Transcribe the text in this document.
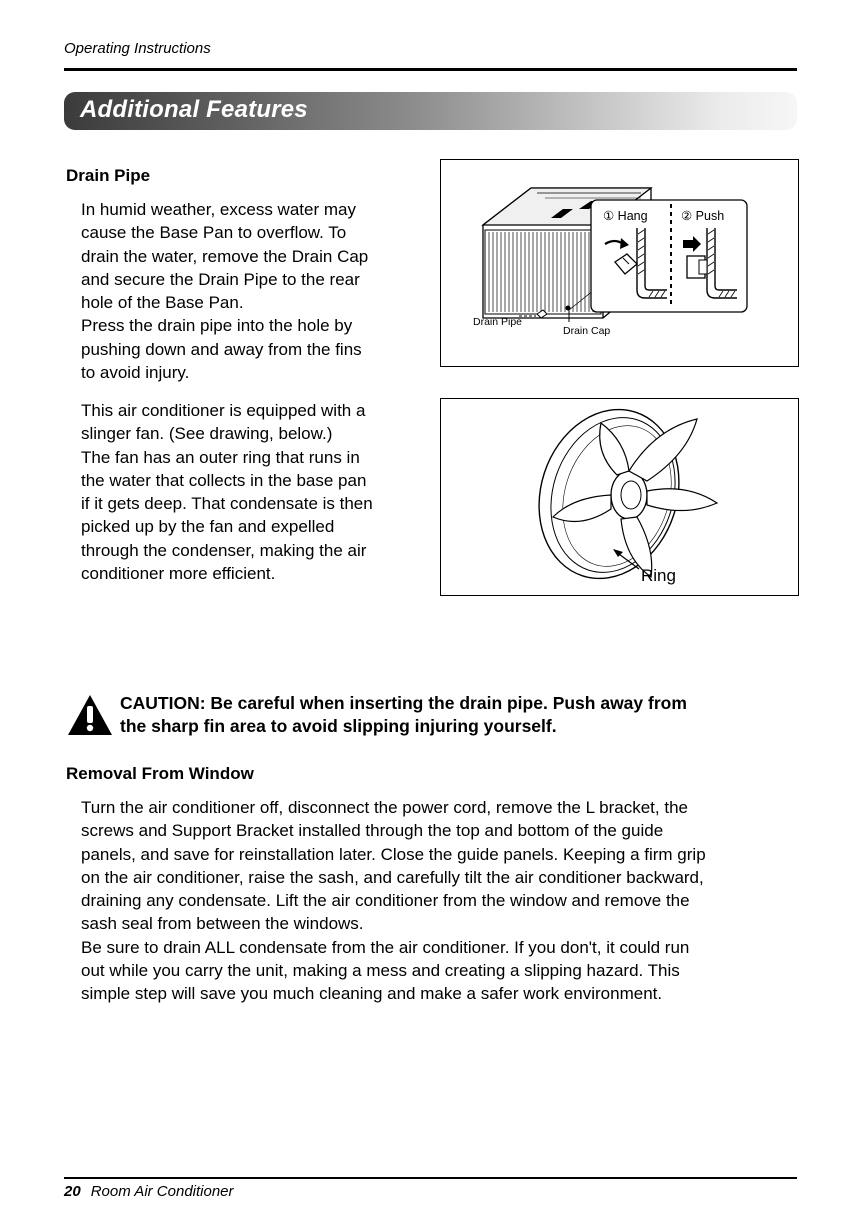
Operating Instructions
Additional Features
Drain Pipe

In humid weather, excess water may

cause the Base Pan to overflow. To

drain the water, remove the Drain Cap

and secure the Drain Pipe to the rear

hole of the Base Pan.

Press the drain pipe into the hole by

pushing down and away from the fins

to avoid injury.

This air conditioner is equipped with a

slinger fan. (See drawing, below.)

The fan has an outer ring that runs in

the water that collects in the base pan

if it gets deep. That condensate is then

picked up by the fan and expelled

through the condenser, making the air

conditioner more efficient.

① Hang	② Push
Drain Pipe
Drain Cap
Ring
CAUTION: Be careful when inserting the drain pipe. Push away from
the sharp fin area to avoid slipping injuring yourself.
Removal From Window

Turn the air conditioner off, disconnect the power cord, remove the L bracket, the

screws and Support Bracket installed through the top and bottom of the guide

panels, and save for reinstallation later. Close the guide panels. Keeping a firm grip

on the air conditioner, raise the sash, and carefully tilt the air conditioner backward,

draining any condensate. Lift the air conditioner from the window and remove the

sash seal from between the windows.

Be sure to drain ALL condensate from the air conditioner. If you don't, it could run

out while you carry the unit, making a mess and creating a slipping hazard. This

simple step will save you much cleaning and make a safer work environment.

20 Room Air Conditioner
